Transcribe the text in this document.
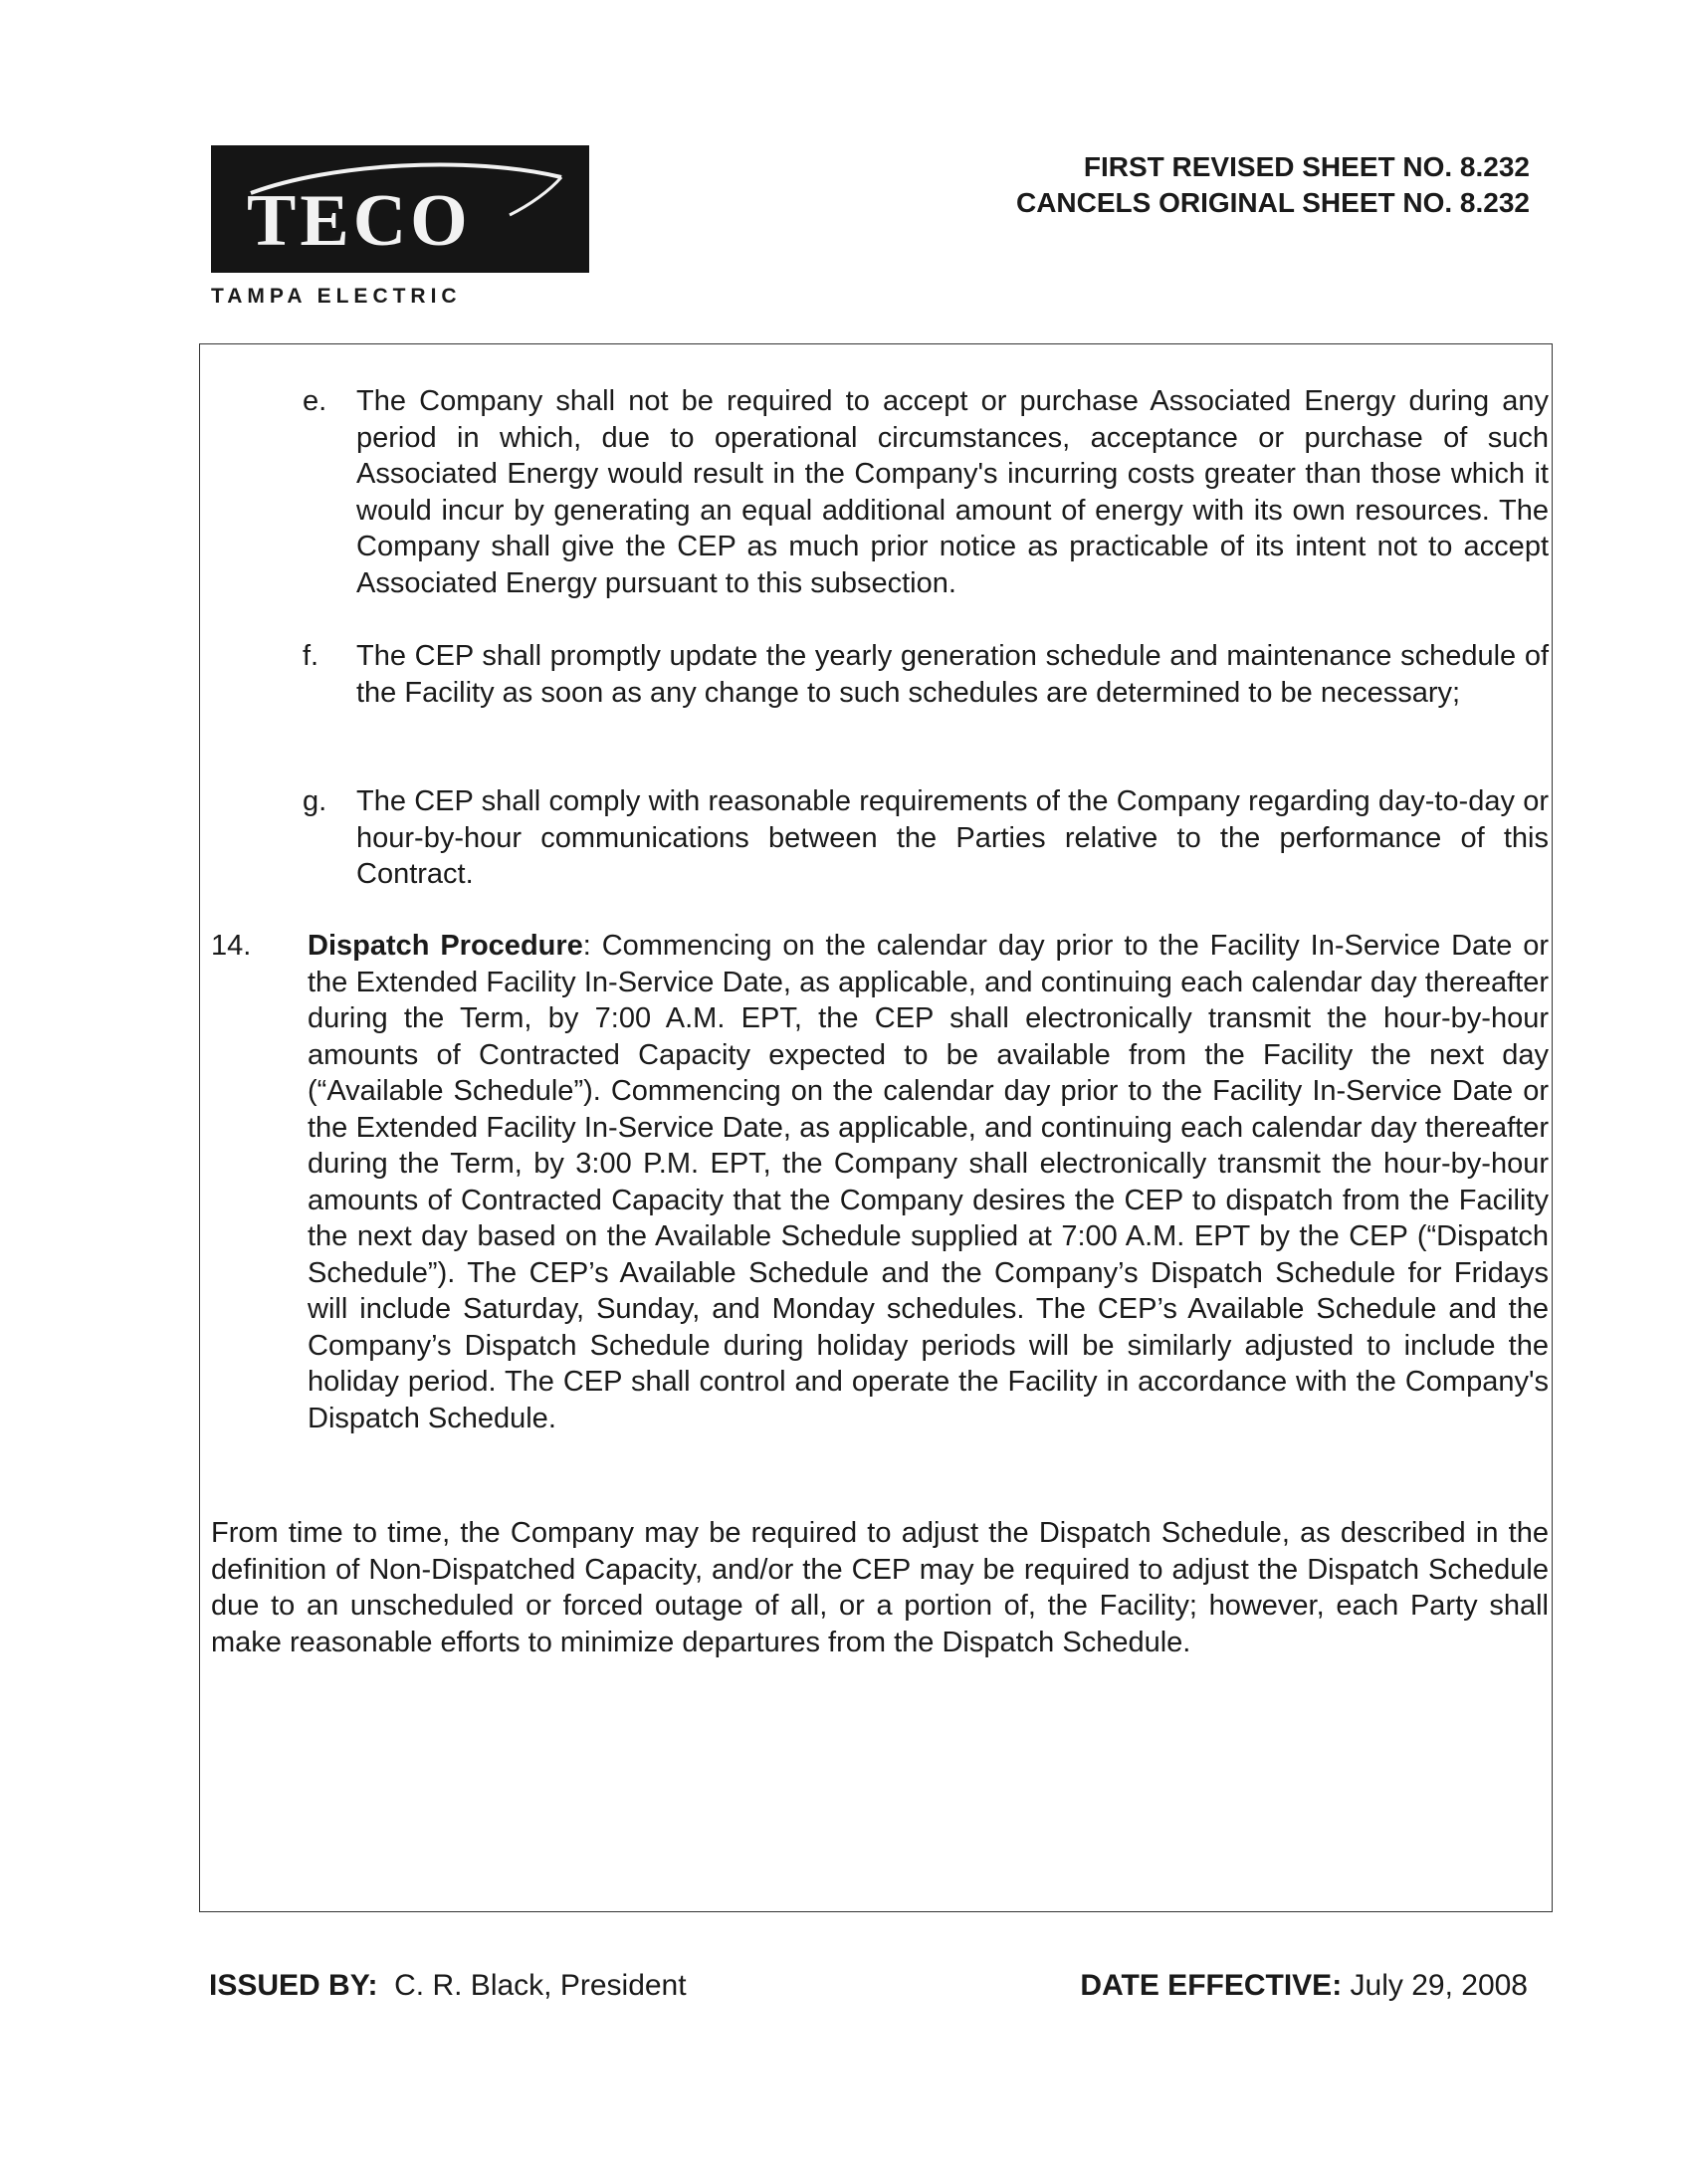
TECO
TAMPA ELECTRIC
FIRST REVISED SHEET NO. 8.232
CANCELS ORIGINAL SHEET NO. 8.232
e.	The Company shall not be required to accept or purchase Associated Energy during any period in which, due to operational circumstances, acceptance or purchase of such Associated Energy would result in the Company's incurring costs greater than those which it would incur by generating an equal additional amount of energy with its own resources. The Company shall give the CEP as much prior notice as practicable of its intent not to accept Associated Energy pursuant to this subsection.
f.	The CEP shall promptly update the yearly generation schedule and maintenance schedule of the Facility as soon as any change to such schedules are determined to be necessary;
g.	The CEP shall comply with reasonable requirements of the Company regarding day-to-day or hour-by-hour communications between the Parties relative to the performance of this Contract.
14.	Dispatch Procedure: Commencing on the calendar day prior to the Facility In-Service Date or the Extended Facility In-Service Date, as applicable, and continuing each calendar day thereafter during the Term, by 7:00 A.M. EPT, the CEP shall electronically transmit the hour-by-hour amounts of Contracted Capacity expected to be available from the Facility the next day (“Available Schedule”). Commencing on the calendar day prior to the Facility In-Service Date or the Extended Facility In-Service Date, as applicable, and continuing each calendar day thereafter during the Term, by 3:00 P.M. EPT, the Company shall electronically transmit the hour-by-hour amounts of Contracted Capacity that the Company desires the CEP to dispatch from the Facility the next day based on the Available Schedule supplied at 7:00 A.M. EPT by the CEP (“Dispatch Schedule”). The CEP’s Available Schedule and the Company’s Dispatch Schedule for Fridays will include Saturday, Sunday, and Monday schedules. The CEP’s Available Schedule and the Company’s Dispatch Schedule during holiday periods will be similarly adjusted to include the holiday period. The CEP shall control and operate the Facility in accordance with the Company's Dispatch Schedule.
From time to time, the Company may be required to adjust the Dispatch Schedule, as described in the definition of Non-Dispatched Capacity, and/or the CEP may be required to adjust the Dispatch Schedule due to an unscheduled or forced outage of all, or a portion of, the Facility; however, each Party shall make reasonable efforts to minimize departures from the Dispatch Schedule.
ISSUED BY: C. R. Black, President	DATE EFFECTIVE: July 29, 2008
